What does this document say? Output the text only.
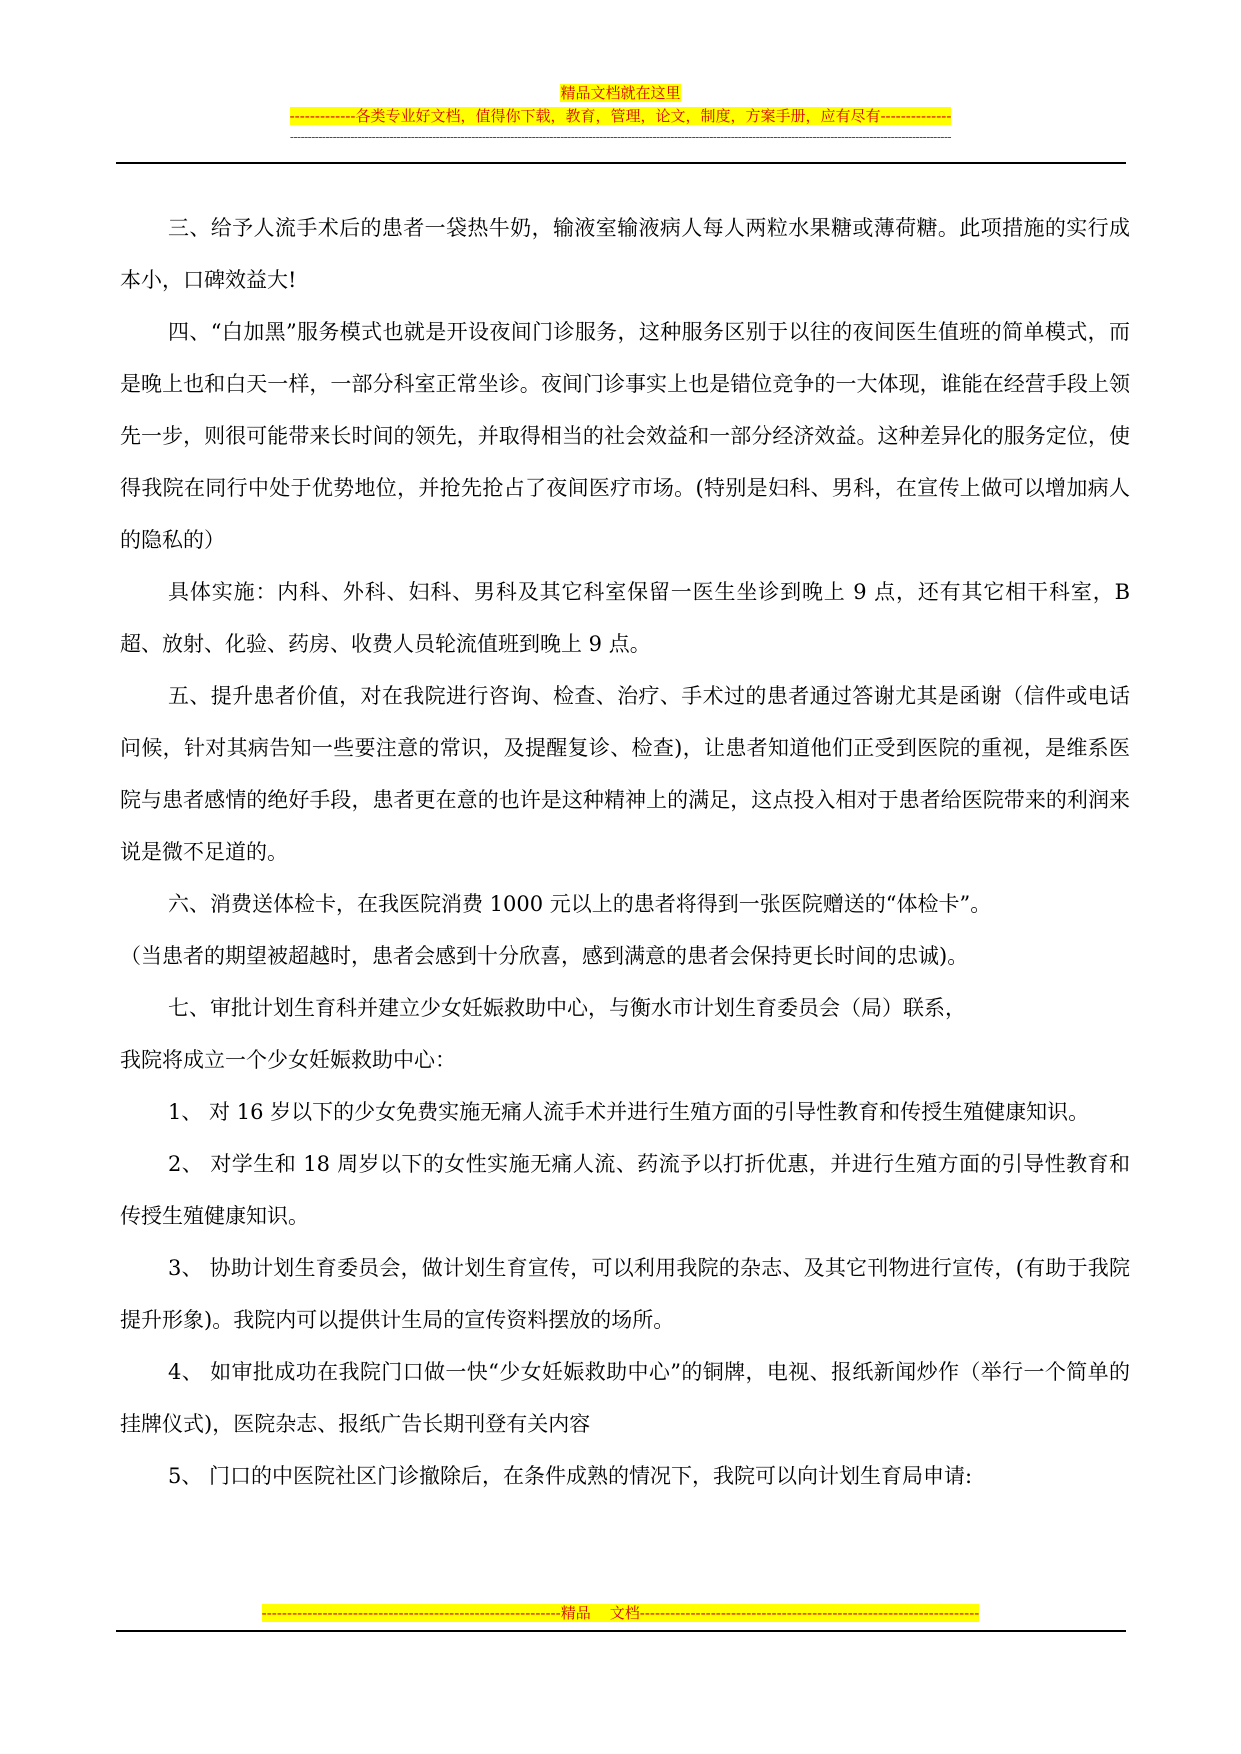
精品文档就在这里
-------------各类专业好文档，值得你下载，教育，管理，论文，制度，方案手册，应有尽有--------------
------------------------------------------------------------------------------------------------------------------------------------------------------------------------------------------

三、给予人流手术后的患者一袋热牛奶，输液室输液病人每人两粒水果糖或薄荷糖。此项措施的实行成本小，口碑效益大!

四、“白加黑”服务模式也就是开设夜间门诊服务，这种服务区别于以往的夜间医生值班的简单模式，而是晚上也和白天一样，一部分科室正常坐诊。夜间门诊事实上也是错位竞争的一大体现，谁能在经营手段上领先一步，则很可能带来长时间的领先，并取得相当的社会效益和一部分经济效益。这种差异化的服务定位，使得我院在同行中处于优势地位，并抢先抢占了夜间医疗市场。(特别是妇科、男科，在宣传上做可以增加病人的隐私的）

具体实施：内科、外科、妇科、男科及其它科室保留一医生坐诊到晚上 9 点，还有其它相干科室，B 超、放射、化验、药房、收费人员轮流值班到晚上 9 点。

五、提升患者价值，对在我院进行咨询、检查、治疗、手术过的患者通过答谢尤其是函谢（信件或电话问候，针对其病告知一些要注意的常识，及提醒复诊、检查)，让患者知道他们正受到医院的重视，是维系医院与患者感情的绝好手段，患者更在意的也许是这种精神上的满足，这点投入相对于患者给医院带来的利润来说是微不足道的。

六、消费送体检卡，在我医院消费 1000 元以上的患者将得到一张医院赠送的“体检卡”。

（当患者的期望被超越时，患者会感到十分欣喜，感到满意的患者会保持更长时间的忠诚)。

七、审批计划生育科并建立少女妊娠救助中心，与衡水市计划生育委员会（局）联系，

我院将成立一个少女妊娠救助中心：

1、 对 16 岁以下的少女免费实施无痛人流手术并进行生殖方面的引导性教育和传授生殖健康知识。

2、 对学生和 18 周岁以下的女性实施无痛人流、药流予以打折优惠，并进行生殖方面的引导性教育和传授生殖健康知识。

3、 协助计划生育委员会，做计划生育宣传，可以利用我院的杂志、及其它刊物进行宣传，(有助于我院提升形象)。我院内可以提供计生局的宣传资料摆放的场所。

4、 如审批成功在我院门口做一快“少女妊娠救助中心”的铜牌，电视、报纸新闻炒作（举行一个简单的挂牌仪式)，医院杂志、报纸广告长期刊登有关内容

5、 门口的中医院社区门诊撤除后，在条件成熟的情况下，我院可以向计划生育局申请:

-----------------------------------------------------------精品    文档-------------------------------------------------------------------
